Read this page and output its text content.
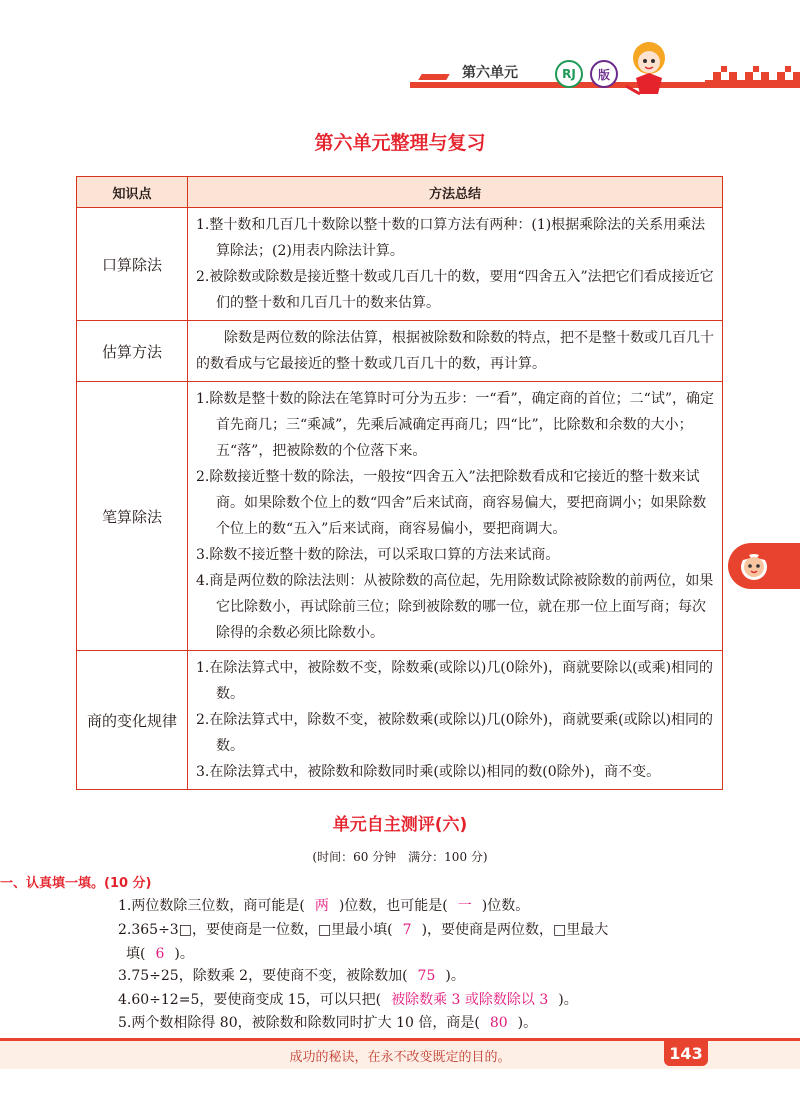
第六单元	RJ	版
第六单元整理与复习
知识点	方法总结
口算除法	1.整十数和几百几十数除以整十数的口算方法有两种：(1)根据乘除法的关系用乘法算除法；(2)用表内除法计算。
2.被除数或除数是接近整十数或几百几十的数，要用“四舍五入”法把它们看成接近它们的整十数和几百几十的数来估算。

估算方法	除数是两位数的除法估算，根据被除数和除数的特点，把不是整十数或几百几十的数看成与它最接近的整十数或几百几十的数，再计算。

笔算除法	1.除数是整十数的除法在笔算时可分为五步：一“看”，确定商的首位；二“试”，确定首先商几；三“乘减”，先乘后减确定再商几；四“比”，比除数和余数的大小；五“落”，把被除数的个位落下来。
2.除数接近整十数的除法，一般按“四舍五入”法把除数看成和它接近的整十数来试商。如果除数个位上的数“四舍”后来试商，商容易偏大，要把商调小；如果除数个位上的数“五入”后来试商，商容易偏小，要把商调大。
3.除数不接近整十数的除法，可以采取口算的方法来试商。
4.商是两位数的除法法则：从被除数的高位起，先用除数试除被除数的前两位，如果它比除数小，再试除前三位；除到被除数的哪一位，就在那一位上面写商；每次除得的余数必须比除数小。

商的变化规律	1.在除法算式中，被除数不变，除数乘(或除以)几(0除外)，商就要除以(或乘)相同的数。
2.在除法算式中，除数不变，被除数乘(或除以)几(0除外)，商就要乘(或除以)相同的数。
3.在除法算式中，被除数和除数同时乘(或除以)相同的数(0除外)，商不变。
单元自主测评(六)
(时间：60 分钟　满分：100 分)
一、认真填一填。(10 分)
1.两位数除三位数，商可能是( 两 )位数，也可能是( 一 )位数。
2.365÷3□，要使商是一位数，□里最小填( 7 )，要使商是两位数，□里最大
填( 6 )。
3.75÷25，除数乘 2，要使商不变，被除数加( 75 )。
4.60÷12=5，要使商变成 15，可以只把( 被除数乘 3 或除数除以 3 )。
5.两个数相除得 80，被除数和除数同时扩大 10 倍，商是( 80 )。
成功的秘诀，在永不改变既定的目的。	143
